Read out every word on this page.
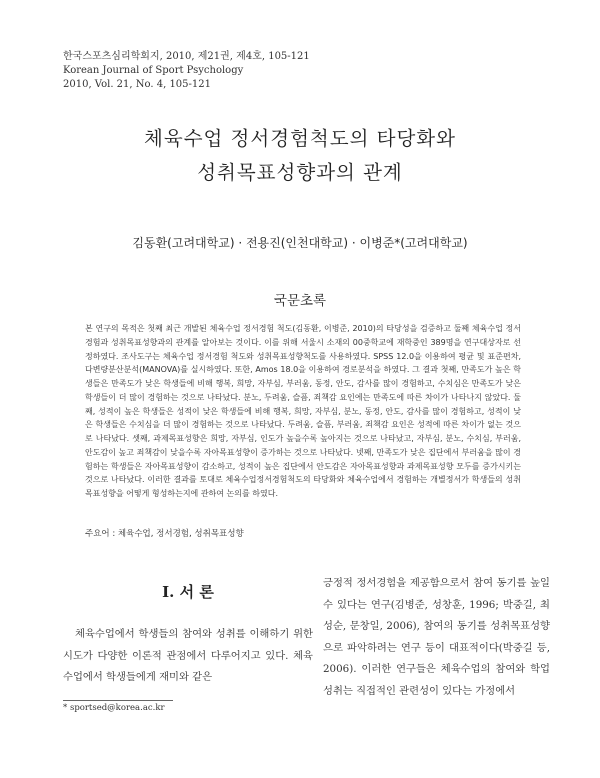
한국스포츠심리학회지, 2010, 제21권, 제4호, 105-121
Korean Journal of Sport Psychology
2010, Vol. 21, No. 4, 105-121
체육수업 정서경험척도의 타당화와
성취목표성향과의 관계
김동환(고려대학교) · 전용진(인천대학교) · 이병준*(고려대학교)
국문초록

본 연구의 목적은 첫째 최근 개발된 체육수업 정서경험 척도(김동환, 이병준, 2010)의 타당성을 검증하고 둘째 체육수업 정서경험과 성취목표성향과의 관계를 알아보는 것이다. 이를 위해 서울시 소재의 00중학교에 재학중인 389명을 연구대상자로 선정하였다. 조사도구는 체육수업 정서경험 척도와 성취목표성향척도를 사용하였다. SPSS 12.0을 이용하여 평균 및 표준편차, 다변량분산분석(MANOVA)를 실시하였다. 또한, Amos 18.0을 이용하여 경로분석을 하였다. 그 결과 첫째, 만족도가 높은 학생들은 만족도가 낮은 학생들에 비해 행복, 희망, 자부심, 부러움, 동정, 안도, 감사를 많이 경험하고, 수치심은 만족도가 낮은 학생들이 더 많이 경험하는 것으로 나타났다. 분노, 두려움, 슬픔, 죄책감 요인에는 만족도에 따른 차이가 나타나지 않았다. 둘째, 성적이 높은 학생들은 성적이 낮은 학생들에 비해 행복, 희망, 자부심, 분노, 동정, 안도, 감사를 많이 경험하고, 성적이 낮은 학생들은 수치심을 더 많이 경험하는 것으로 나타났다. 두려움, 슬픔, 부러움, 죄책감 요인은 성적에 따른 차이가 없는 것으로 나타났다. 셋째, 과제목표성향은 희망, 자부심, 인도가 높을수록 높아지는 것으로 나타났고, 자부심, 분노, 수치심, 부러움, 안도감이 높고 죄책감이 낮을수록 자아목표성향이 증가하는 것으로 나타났다. 넷째, 만족도가 낮은 집단에서 부러움을 많이 경험하는 학생들은 자아목표성향이 감소하고, 성적이 높은 집단에서 안도감은 자아목표성향과 과제목표성향 모두를 증가시키는 것으로 나타났다. 이러한 결과를 토대로 체육수업정서경험척도의 타당화와 체육수업에서 경험하는 개별정서가 학생들의 성취목표성향을 어떻게 형성하는지에 관하여 논의를 하였다.

주요어 : 체육수업, 정서경험, 성취목표성향
I. 서 론

체육수업에서 학생들의 참여와 성취를 이해하기 위한 시도가 다양한 이론적 관점에서 다루어지고 있다. 체육수업에서 학생들에게 재미와 같은

긍정적 정서경험을 제공함으로서 참여 동기를 높일 수 있다는 연구(김병준, 성창훈, 1996; 박중길, 최성순, 문창일, 2006), 참여의 동기를 성취목표성향으로 파악하려는 연구 등이 대표적이다(박중길 등, 2006). 이러한 연구들은 체육수업의 참여와 학업성취는 직접적인 관련성이 있다는 가정에서

* sportsed@korea.ac.kr
